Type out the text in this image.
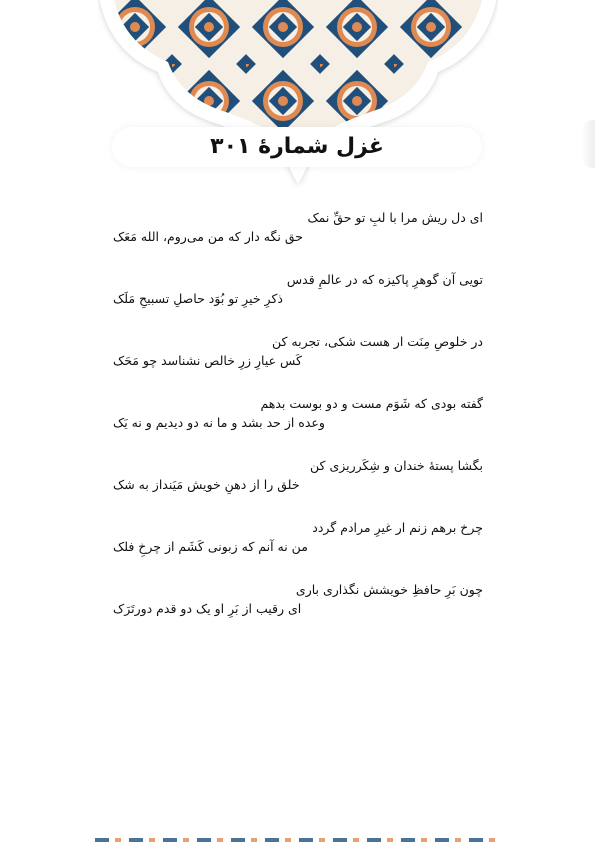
غزل شمارهٔ ۳۰۱
ای دل ریش مرا با لبِ تو حقِّ نمک
حق نگه دار که من می‌روم، الله مَعَک
تویی آن گوهرِ پاکیزه که در عالمِ قدس
ذکرِ خیرِ تو بُوَد حاصلِ تسبیحِ مَلَک
در خلوصِ مِنَت ار هست شکی، تجربه کن
کَس عیارِ زرِ خالص نشناسد چو مَحَک
گفته بودی که شَوَم مست و دو بوست بدهم
وعده از حد بشد و ما نه دو دیدیم و نه یَک
بگشا پستهٔ خندان و شِکَرریزی کن
خلق را از دهنِ خویش مَیَنداز به شک
چرخ برهم زنم ار غیرِ مرادم گردد
من نه آنم که زبونی کَشَم از چرخِ فلک
چون بَرِ حافظِ خویشش نگذاری باری
ای رقیب از بَرِ او یک دو قدم دورتَرَک
